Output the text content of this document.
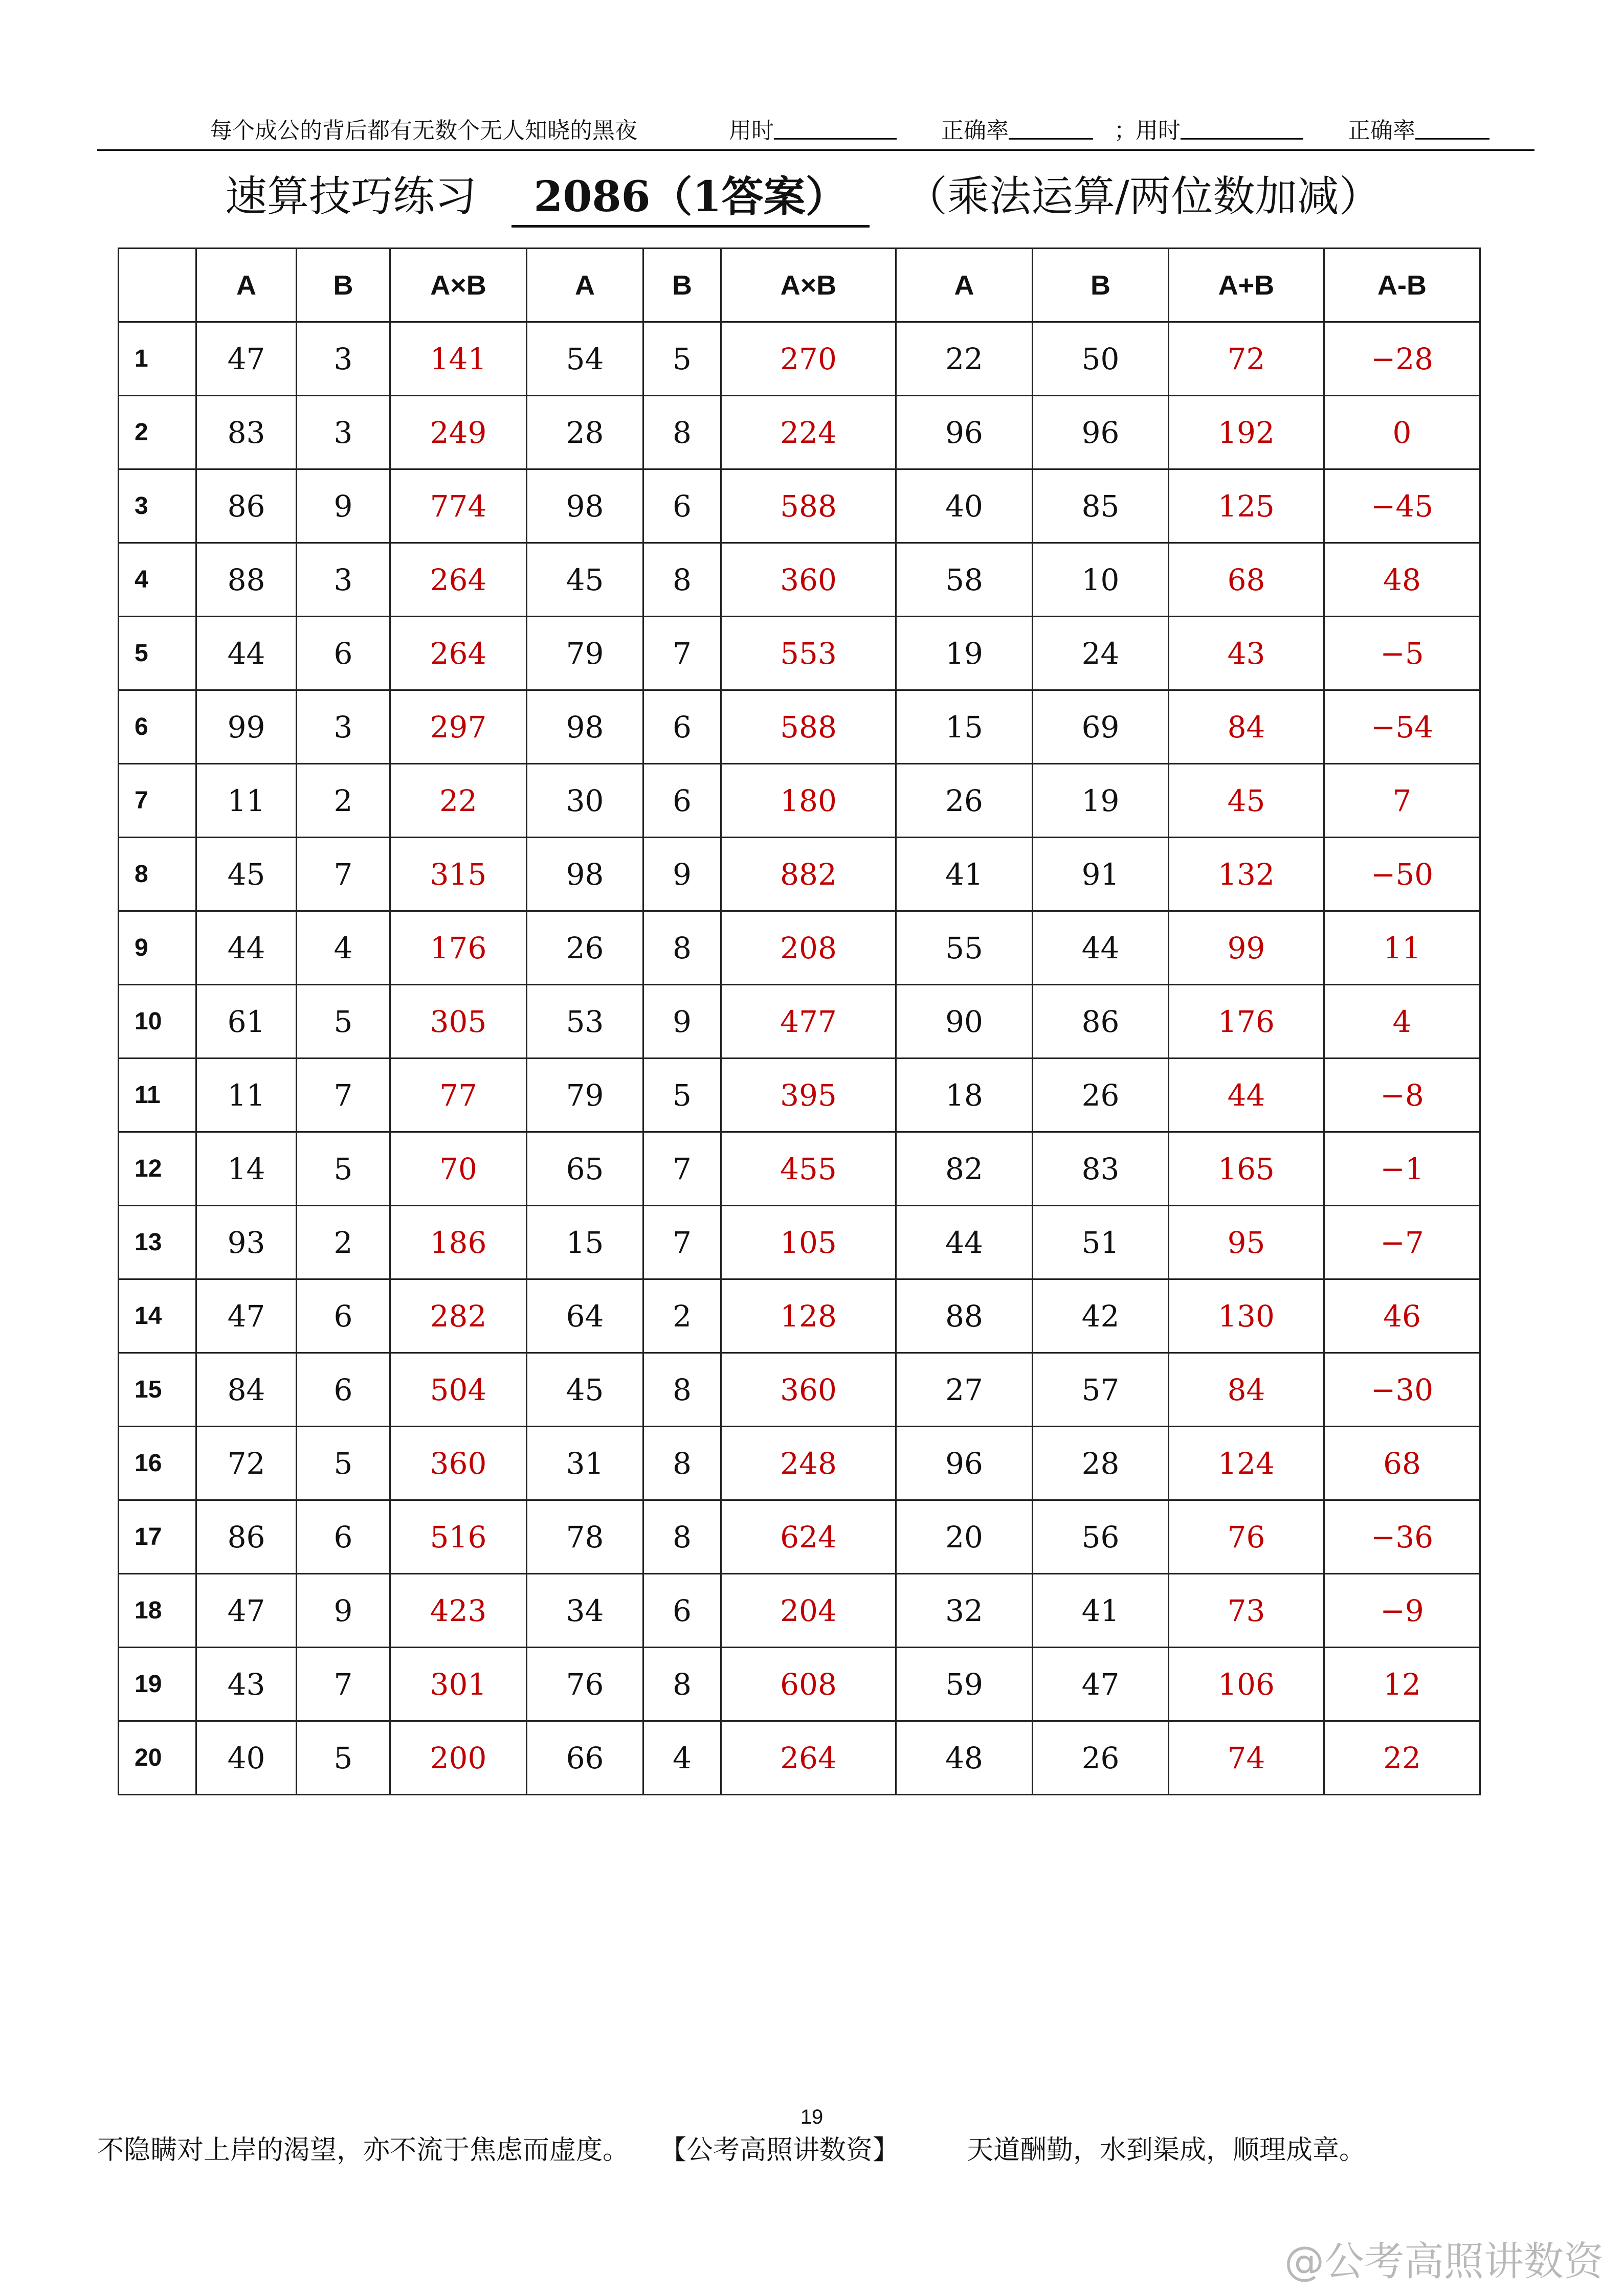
每个成公的背后都有无数个无人知晓的黑夜	用时	正确率	；
用时	正确率
速算技巧练习	2086（1答案）	（乘法运算/两位数加减）
	A	B	A×B	A	B	A×B	A	B	A+B	A-B
1	47	3	141	54	5	270	22	50	72	−28
2	83	3	249	28	8	224	96	96	192	0
3	86	9	774	98	6	588	40	85	125	−45
4	88	3	264	45	8	360	58	10	68	48
5	44	6	264	79	7	553	19	24	43	−5
6	99	3	297	98	6	588	15	69	84	−54
7	11	2	22	30	6	180	26	19	45	7
8	45	7	315	98	9	882	41	91	132	−50
9	44	4	176	26	8	208	55	44	99	11
10	61	5	305	53	9	477	90	86	176	4
11	11	7	77	79	5	395	18	26	44	−8
12	14	5	70	65	7	455	82	83	165	−1
13	93	2	186	15	7	105	44	51	95	−7
14	47	6	282	64	2	128	88	42	130	46
15	84	6	504	45	8	360	27	57	84	−30
16	72	5	360	31	8	248	96	28	124	68
17	86	6	516	78	8	624	20	56	76	−36
18	47	9	423	34	6	204	32	41	73	−9
19	43	7	301	76	8	608	59	47	106	12
20	40	5	200	66	4	264	48	26	74	22
19
不隐瞒对上岸的渴望，亦不流于焦虑而虚度。 【公考高照讲数资】	天道酬勤，水到渠成，顺理成章。
@公考高照讲数资
